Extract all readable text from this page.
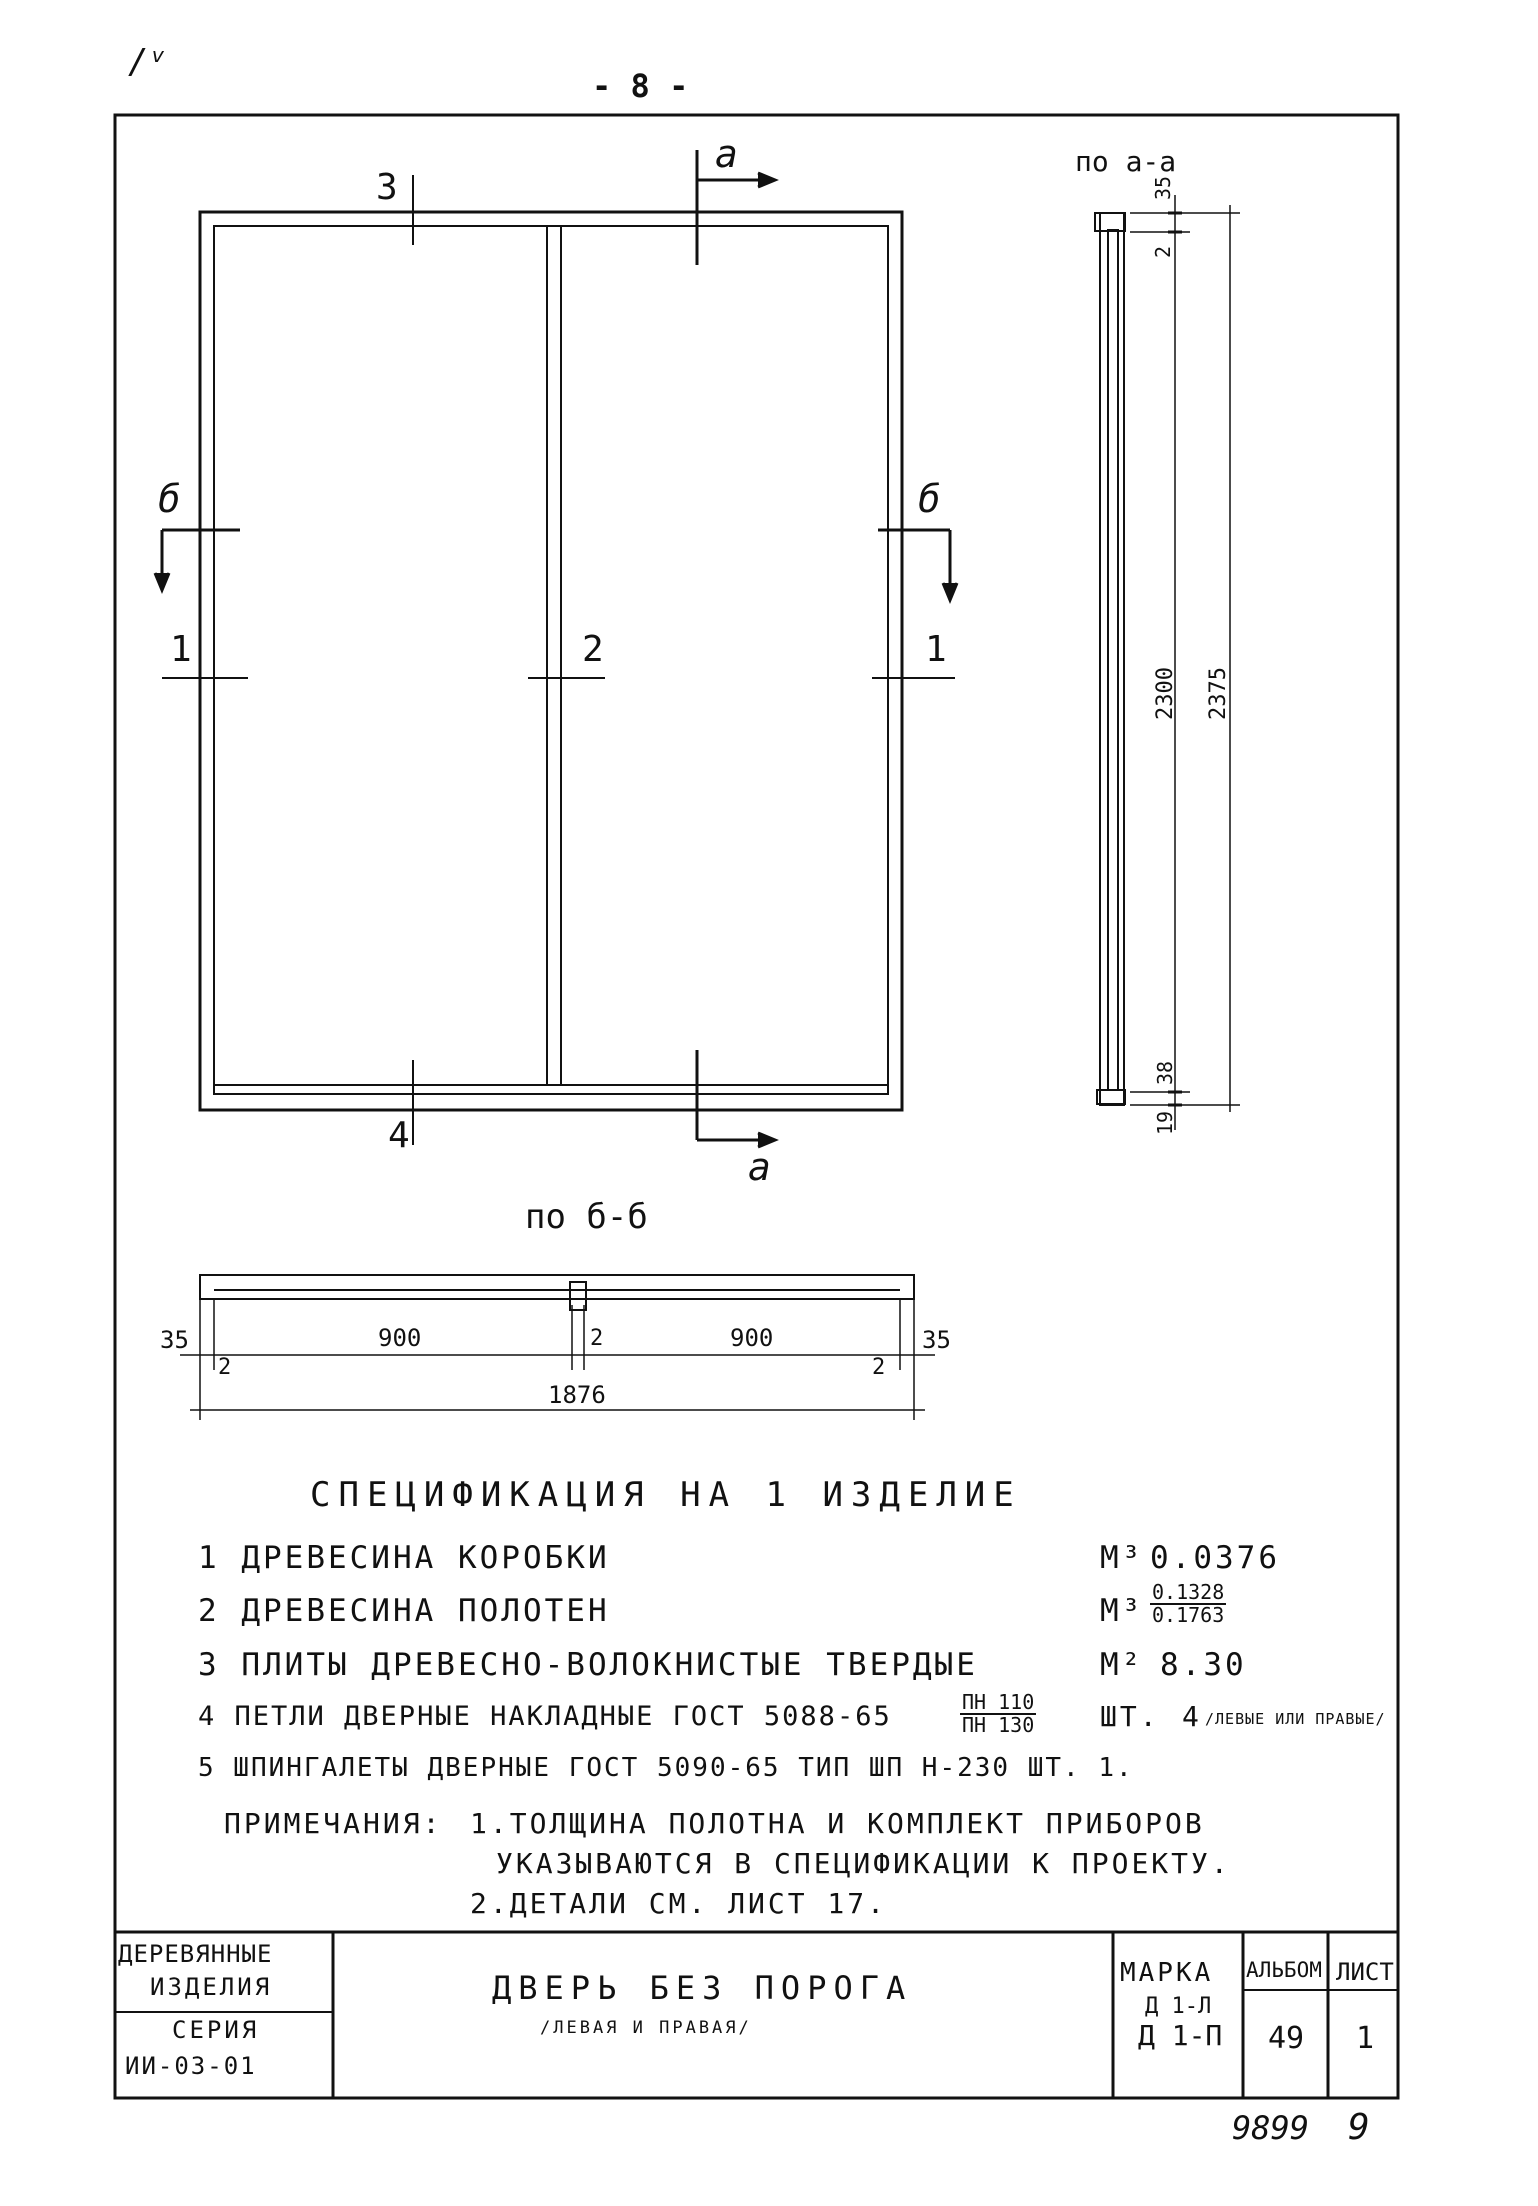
/ᵛ
- 8 -
a
a
б	б
1	2	1
3
4
по a-a
35
2
2300 2375
38
19
по б-б
35
2
900	2	900
2
35
1876
СПЕЦИФИКАЦИЯ НА 1 ИЗДЕЛИЕ
1 ДРЕВЕСИНА КОРОБКИ	М³ 0.0376
2 ДРЕВЕСИНА ПОЛОТЕН	$М^3 \frac{0.1328}{0.1763}$
3 ПЛИТЫ ДРЕВЕСНО-ВОЛОКНИСТЫЕ ТВЕРДЫЕ	М² 8.30
4 ПЕТЛИ ДВЕРНЫЕ НАКЛАДНЫЕ ГОСТ 5088-65	$\frac{ПН 110}{ПН 130}$ ШТ. 4 /ЛЕВЫЕ ИЛИ ПРАВЫЕ/
5 ШПИНГАЛЕТЫ ДВЕРНЫЕ ГОСТ 5090-65 ТИП ШП Н-230 ШТ. 1.
ПРИМЕЧАНИЯ: 1.ТОЛЩИНА ПОЛОТНА И КОМПЛЕКТ ПРИБОРОВ
УКАЗЫВАЮТСЯ В СПЕЦИФИКАЦИИ К ПРОЕКТУ.
2.ДЕТАЛИ СМ. ЛИСТ 17.
ДЕРЕВЯННЫЕ
ИЗДЕЛИЯ
СЕРИЯ
ИИ-03-01
ДВЕРЬ БЕЗ ПОРОГА
/ЛЕВАЯ И ПРАВАЯ/
МАРКА
Д 1-Л
Д 1-П
АЛЬБОМ
49
ЛИСТ
1
9899 9
